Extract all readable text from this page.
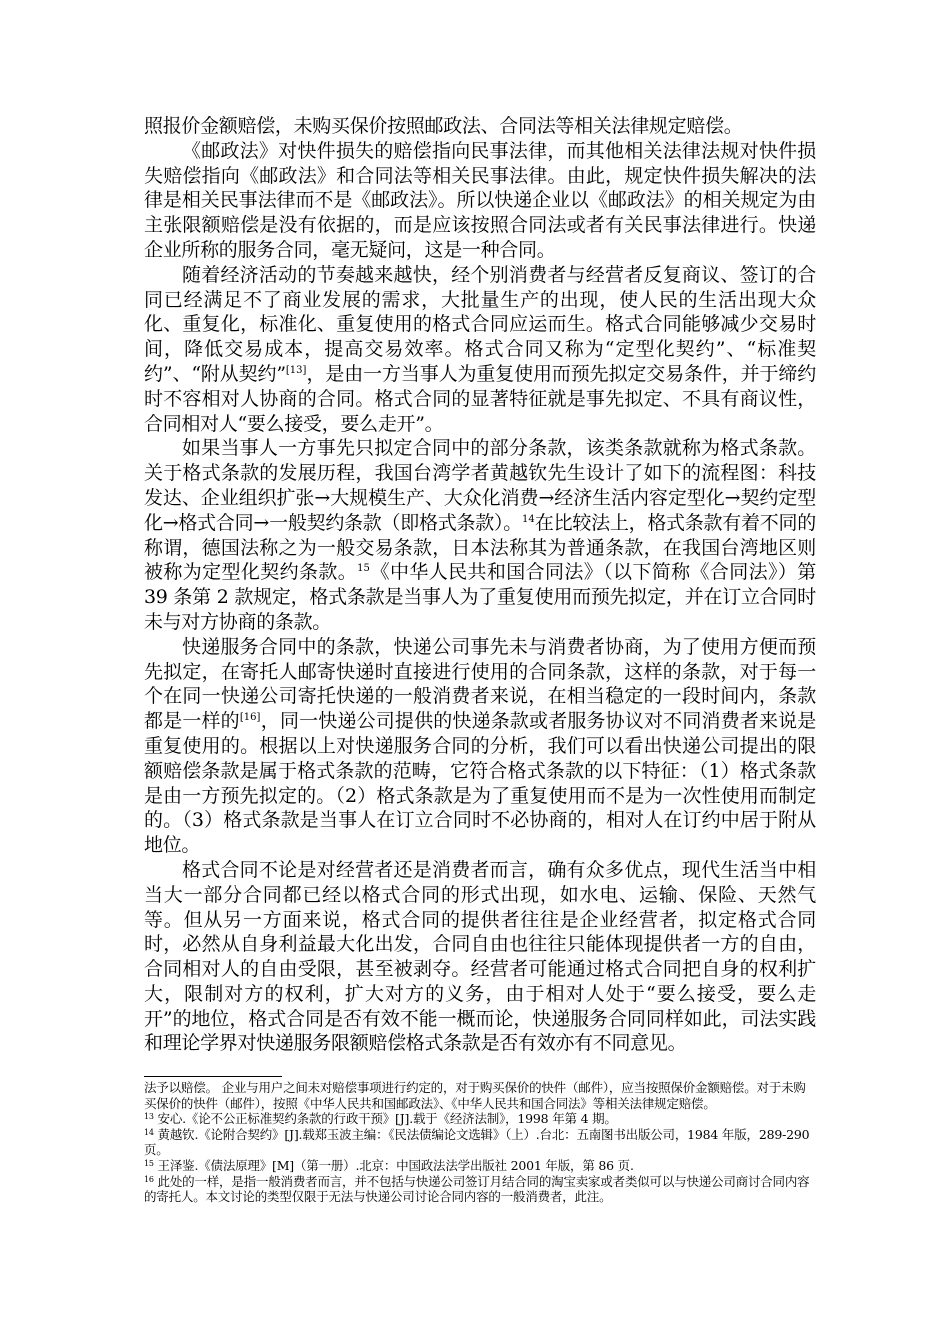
照报价金额赔偿，未购买保价按照邮政法、合同法等相关法律规定赔偿。

《邮政法》对快件损失的赔偿指向民事法律，而其他相关法律法规对快件损失赔偿指向《邮政法》和合同法等相关民事法律。由此，规定快件损失解决的法律是相关民事法律而不是《邮政法》。所以快递企业以《邮政法》的相关规定为由主张限额赔偿是没有依据的，而是应该按照合同法或者有关民事法律进行。快递企业所称的服务合同，毫无疑问，这是一种合同。

随着经济活动的节奏越来越快，经个别消费者与经营者反复商议、签订的合同已经满足不了商业发展的需求，大批量生产的出现，使人民的生活出现大众化、重复化，标准化、重复使用的格式合同应运而生。格式合同能够减少交易时间，降低交易成本，提高交易效率。格式合同又称为“定型化契约”、“标准契约”、“附从契约”[13]，是由一方当事人为重复使用而预先拟定交易条件，并于缔约时不容相对人协商的合同。格式合同的显著特征就是事先拟定、不具有商议性，合同相对人“要么接受，要么走开”。

如果当事人一方事先只拟定合同中的部分条款，该类条款就称为格式条款。关于格式条款的发展历程，我国台湾学者黄越钦先生设计了如下的流程图：科技发达、企业组织扩张→大规模生产、大众化消费→经济生活内容定型化→契约定型化→格式合同→一般契约条款（即格式条款）。$^{14}$在比较法上，格式条款有着不同的称谓，德国法称之为一般交易条款，日本法称其为普通条款，在我国台湾地区则被称为定型化契约条款。$^{15}$《中华人民共和国合同法》（以下简称《合同法》）第 39 条第 2 款规定，格式条款是当事人为了重复使用而预先拟定，并在订立合同时未与对方协商的条款。

快递服务合同中的条款，快递公司事先未与消费者协商，为了使用方便而预先拟定，在寄托人邮寄快递时直接进行使用的合同条款，这样的条款，对于每一个在同一快递公司寄托快递的一般消费者来说，在相当稳定的一段时间内，条款都是一样的[16]，同一快递公司提供的快递条款或者服务协议对不同消费者来说是重复使用的。根据以上对快递服务合同的分析，我们可以看出快递公司提出的限额赔偿条款是属于格式条款的范畴，它符合格式条款的以下特征：（1）格式条款是由一方预先拟定的。（2）格式条款是为了重复使用而不是为一次性使用而制定的。（3）格式条款是当事人在订立合同时不必协商的，相对人在订约中居于附从地位。

格式合同不论是对经营者还是消费者而言，确有众多优点，现代生活当中相当大一部分合同都已经以格式合同的形式出现，如水电、运输、保险、天然气等。但从另一方面来说，格式合同的提供者往往是企业经营者，拟定格式合同时，必然从自身利益最大化出发，合同自由也往往只能体现提供者一方的自由，合同相对人的自由受限，甚至被剥夺。经营者可能通过格式合同把自身的权利扩大，限制对方的权利，扩大对方的义务，由于相对人处于“要么接受，要么走开”的地位，格式合同是否有效不能一概而论，快递服务合同同样如此，司法实践和理论学界对快递服务限额赔偿格式条款是否有效亦有不同意见。

法予以赔偿。 企业与用户之间未对赔偿事项进行约定的，对于购买保价的快件（邮件），应当按照保价金额赔偿。对于未购买保价的快件（邮件），按照《中华人民共和国邮政法》、《中华人民共和国合同法》等相关法律规定赔偿。

$^{13}$ 安心.《论不公正标准契约条款的行政干预》[J].载于《经济法制》，1998 年第 4 期。

$^{14}$ 黄越钦.《论附合契约》[J].载郑玉波主编：《民法债编论文选辑》（上）.台北：五南图书出版公司，1984 年版，289-290 页。

$^{15}$ 王泽鉴.《债法原理》[M]（第一册）.北京：中国政法法学出版社 2001 年版，第 86 页.

$^{16}$ 此处的一样，是指一般消费者而言，并不包括与快递公司签订月结合同的淘宝卖家或者类似可以与快递公司商讨合同内容的寄托人。本文讨论的类型仅限于无法与快递公司讨论合同内容的一般消费者，此注。
